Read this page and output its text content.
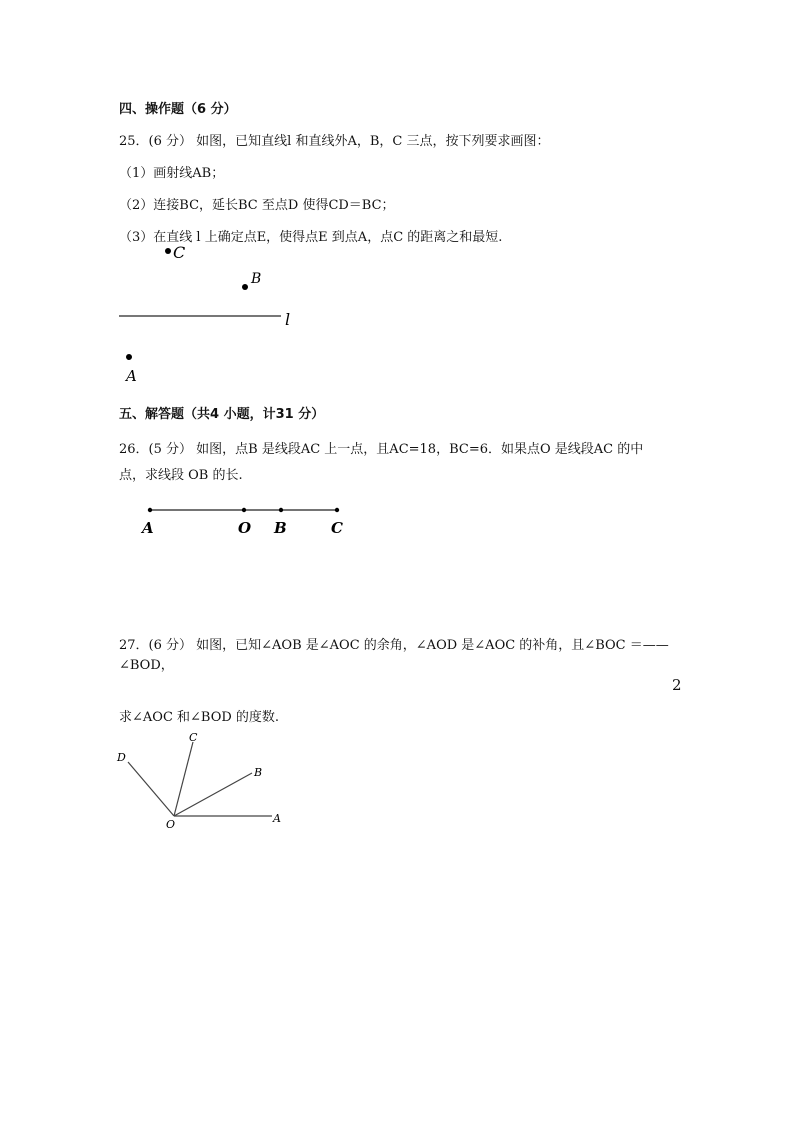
四、操作题（6 分）
25．(6 分） 如图，已知直线l 和直线外A，B，C 三点，按下列要求画图：
（1）画射线AB；
（2）连接BC，延长BC 至点D 使得CD＝BC；
（3）在直线 l 上确定点E，使得点E 到点A，点C 的距离之和最短.
C
B
l
A
五、解答题（共4 小题，计31 分）
26．(5 分） 如图，点B 是线段AC 上一点，且AC=18，BC=6．如果点O 是线段AC 的中
点，求线段 OB 的长.
A	O B	C
27．(6 分） 如图，已知∠AOB 是∠AOC 的余角，∠AOD 是∠AOC 的补角，且∠BOC ＝——
∠BOD，
2
求∠AOC 和∠BOD 的度数.
D
C
B
O	A
